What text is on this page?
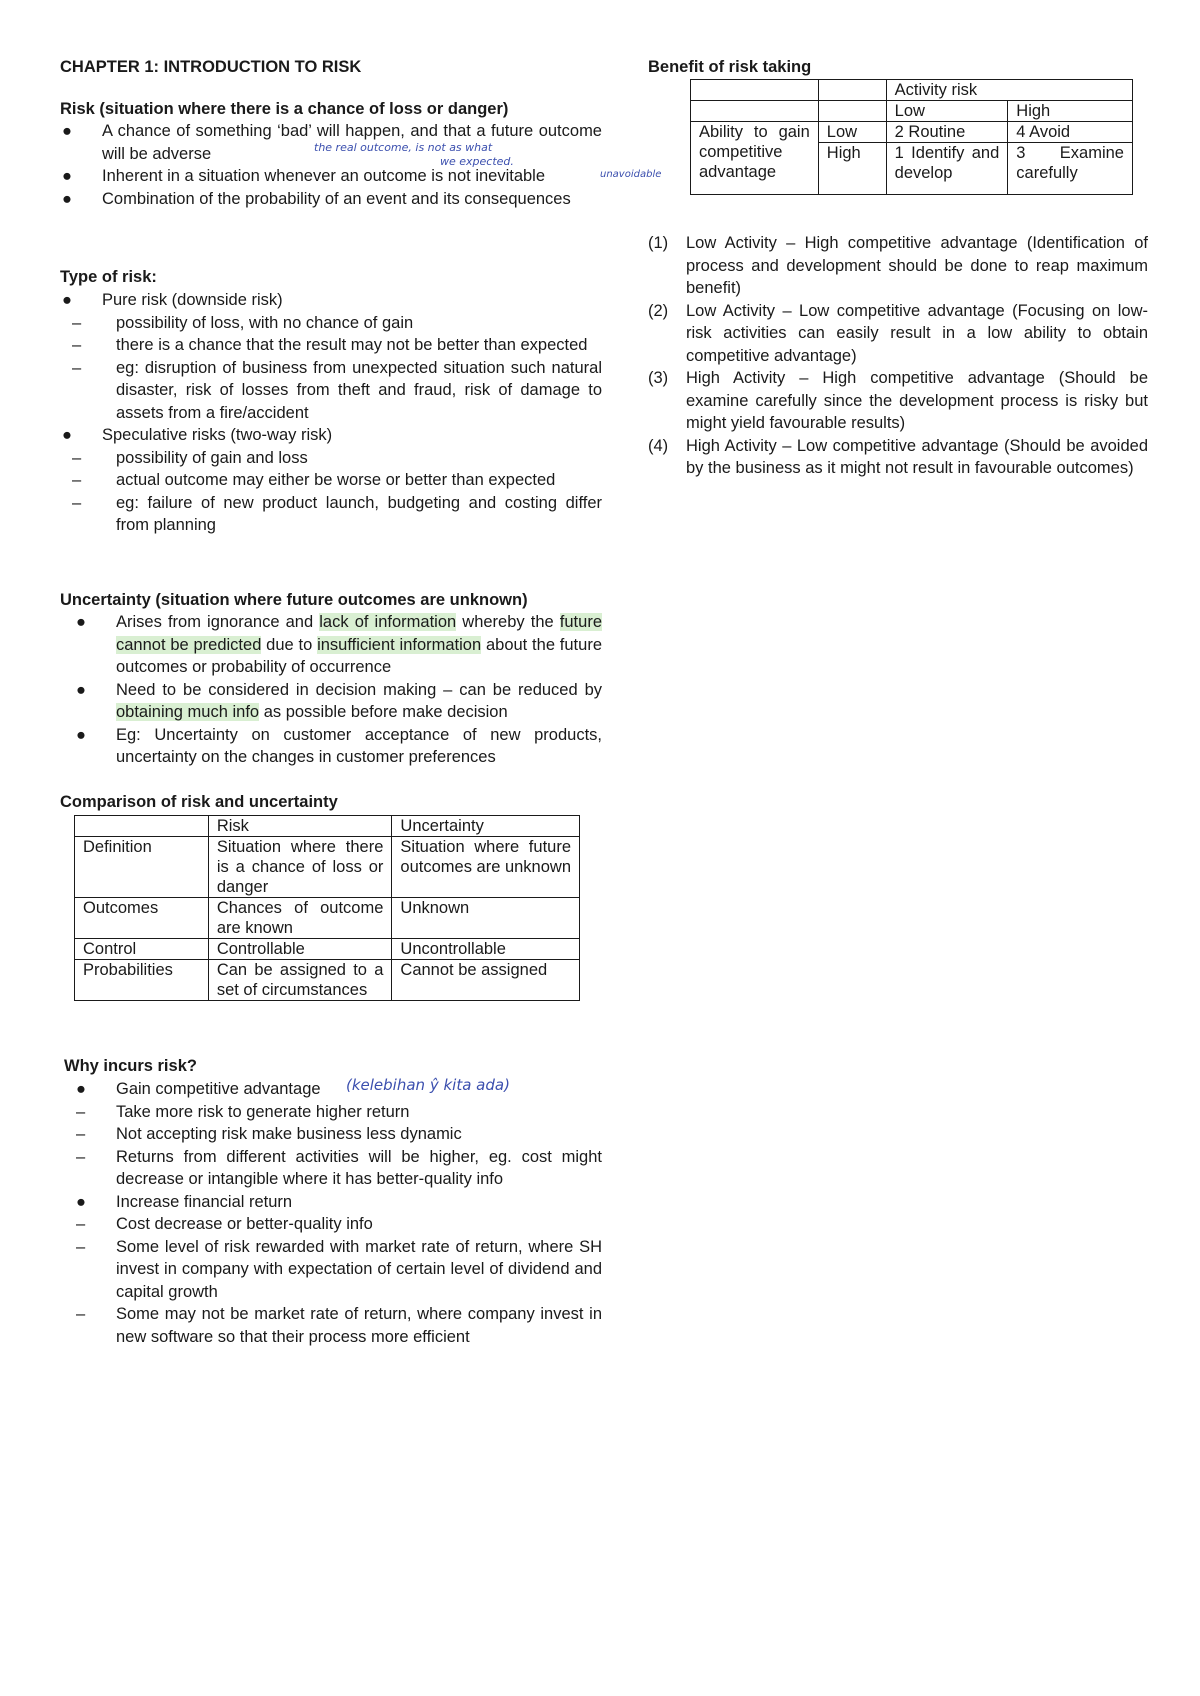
CHAPTER 1: INTRODUCTION TO RISK
Risk (situation where there is a chance of loss or danger)
● A chance of something ‘bad’ will happen, and that a future outcome will be adverse
● Inherent in a situation whenever an outcome is not inevitable
● Combination of the probability of an event and its consequences
the real outcome, is not as what
we expected.
unavoidable
Type of risk:
● Pure risk (downside risk)
– possibility of loss, with no chance of gain
– there is a chance that the result may not be better than expected
– eg: disruption of business from unexpected situation such natural disaster, risk of losses from theft and fraud, risk of damage to assets from a fire/accident
● Speculative risks (two-way risk)
– possibility of gain and loss
– actual outcome may either be worse or better than expected
– eg: failure of new product launch, budgeting and costing differ from planning
Uncertainty (situation where future outcomes are unknown)
● Arises from ignorance and lack of information whereby the future cannot be predicted due to insufficient information about the future outcomes or probability of occurrence
● Need to be considered in decision making – can be reduced by obtaining much info as possible before make decision
● Eg: Uncertainty on customer acceptance of new products, uncertainty on the changes in customer preferences
Comparison of risk and uncertainty
	Risk	Uncertainty
Definition	Situation where there is a chance of loss or danger	Situation where future outcomes are unknown
Outcomes	Chances of outcome are known	Unknown
Control	Controllable	Uncontrollable
Probabilities	Can be assigned to a set of circumstances	Cannot be assigned
Why incurs risk?
● Gain competitive advantage
– Take more risk to generate higher return
– Not accepting risk make business less dynamic
– Returns from different activities will be higher, eg. cost might decrease or intangible where it has better-quality info
● Increase financial return
– Cost decrease or better-quality info
– Some level of risk rewarded with market rate of return, where SH invest in company with expectation of certain level of dividend and capital growth
– Some may not be market rate of return, where company invest in new software so that their process more efficient
(kelebihan ŷ kita ada)
Benefit of risk taking
		Activity risk	
		Low	High
Ability to gain competitive advantage	Low	2 Routine	4 Avoid
	High	1 Identify and develop	3 Examine carefully
(1) Low Activity – High competitive advantage (Identification of process and development should be done to reap maximum benefit)
(2) Low Activity – Low competitive advantage (Focusing on low-risk activities can easily result in a low ability to obtain competitive advantage)
(3) High Activity – High competitive advantage (Should be examine carefully since the development process is risky but might yield favourable results)
(4) High Activity – Low competitive advantage (Should be avoided by the business as it might not result in favourable outcomes)
